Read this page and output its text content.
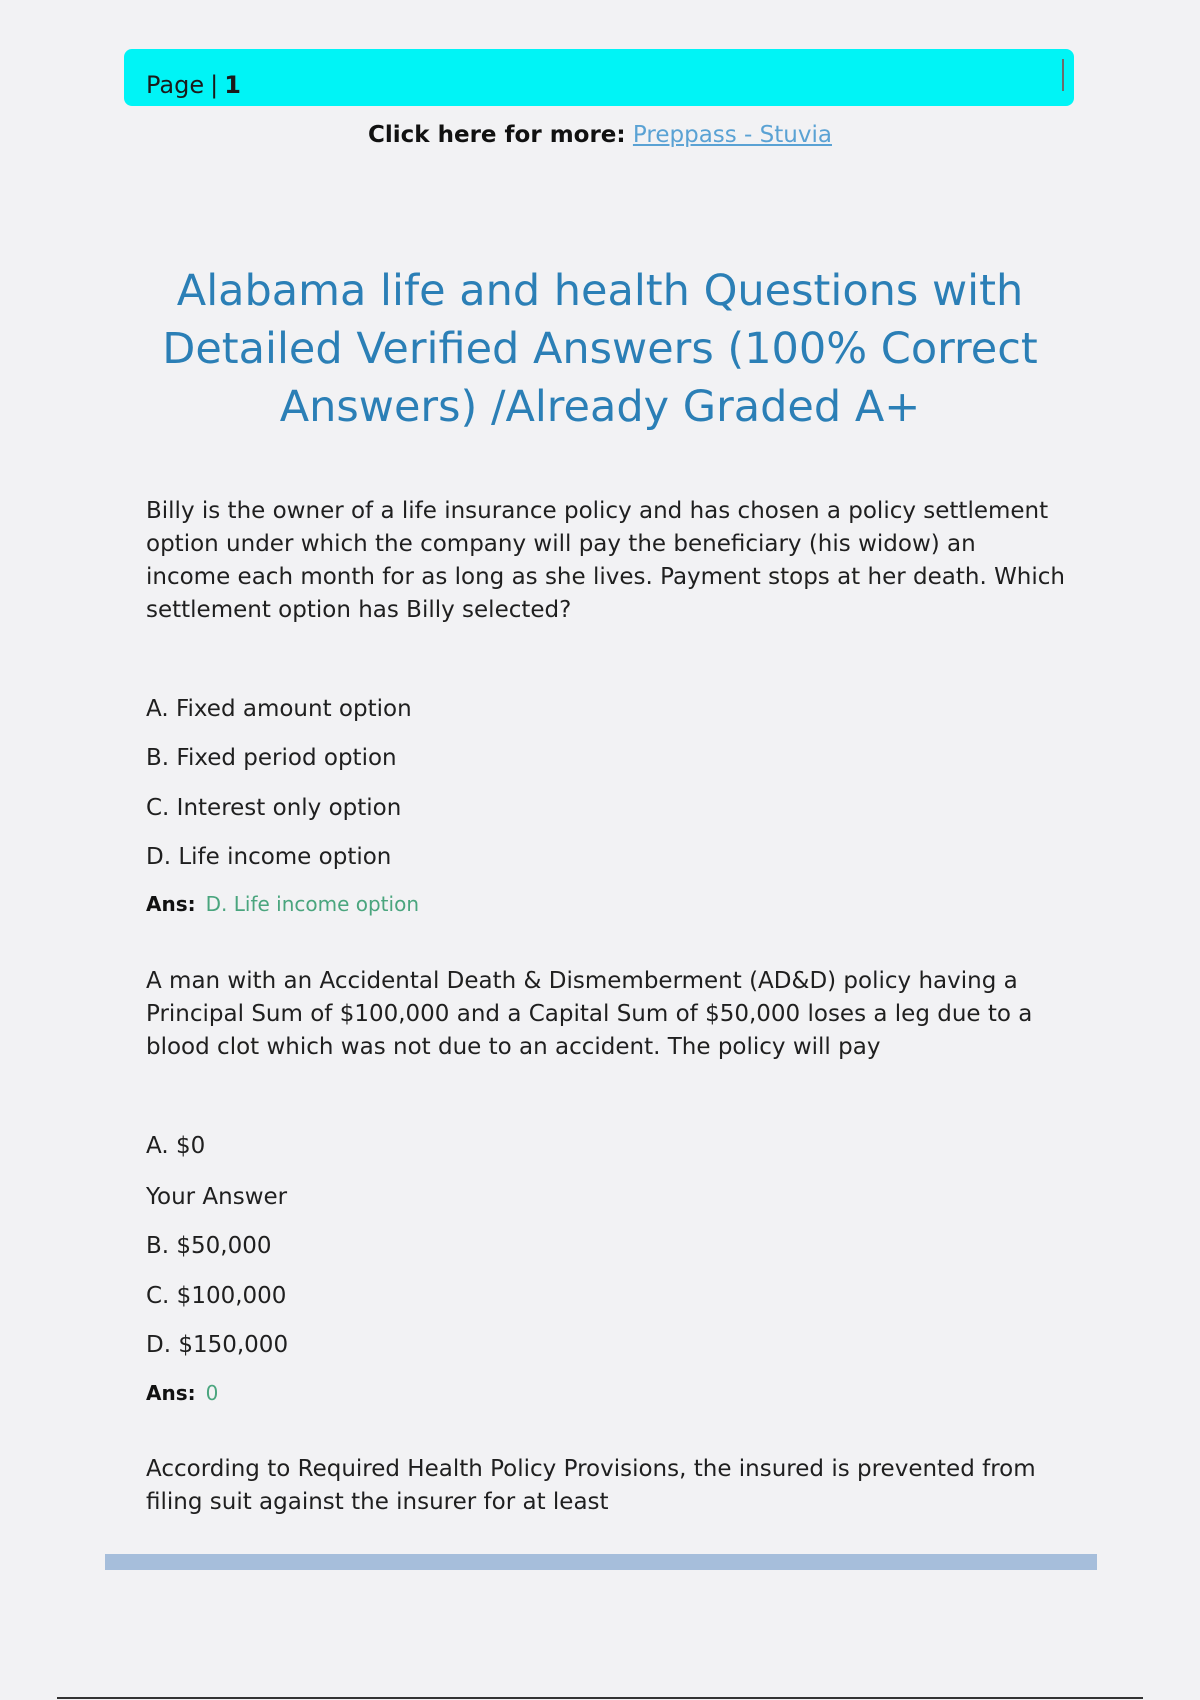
Page | 1
Click here for more: Preppass - Stuvia
Alabama life and health Questions with Detailed Verified Answers (100% Correct Answers) /Already Graded A+

Billy is the owner of a life insurance policy and has chosen a policy settlement option under which the company will pay the beneficiary (his widow) an income each month for as long as she lives. Payment stops at her death. Which settlement option has Billy selected?

A. Fixed amount option
B. Fixed period option
C. Interest only option
D. Life income option
Ans: D. Life income option

A man with an Accidental Death & Dismemberment (AD&D) policy having a Principal Sum of $100,000 and a Capital Sum of $50,000 loses a leg due to a blood clot which was not due to an accident. The policy will pay

A. $0
Your Answer
B. $50,000
C. $100,000
D. $150,000
Ans: 0

According to Required Health Policy Provisions, the insured is prevented from filing suit against the insurer for at least
